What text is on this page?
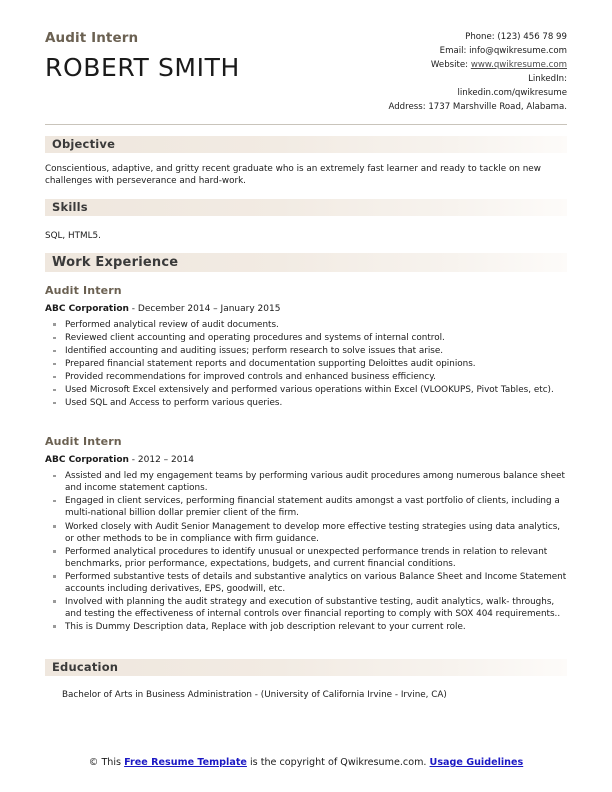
Audit Intern
ROBERT SMITH
Phone: (123) 456 78 99
Email: info@qwikresume.com
Website: www.qwikresume.com
LinkedIn:
linkedin.com/qwikresume
Address: 1737 Marshville Road, Alabama.
Objective
Conscientious, adaptive, and gritty recent graduate who is an extremely fast learner and ready to tackle on new challenges with perseverance and hard-work.
Skills
SQL, HTML5.
Work Experience
Audit Intern
ABC Corporation - December 2014 – January 2015
Performed analytical review of audit documents.
Reviewed client accounting and operating procedures and systems of internal control.
Identified accounting and auditing issues; perform research to solve issues that arise.
Prepared financial statement reports and documentation supporting Deloittes audit opinions.
Provided recommendations for improved controls and enhanced business efficiency.
Used Microsoft Excel extensively and performed various operations within Excel (VLOOKUPS, Pivot Tables, etc).
Used SQL and Access to perform various queries.
Audit Intern
ABC Corporation - 2012 – 2014
Assisted and led my engagement teams by performing various audit procedures among numerous balance sheet and income statement captions.
Engaged in client services, performing financial statement audits amongst a vast portfolio of clients, including a multi-national billion dollar premier client of the firm.
Worked closely with Audit Senior Management to develop more effective testing strategies using data analytics, or other methods to be in compliance with firm guidance.
Performed analytical procedures to identify unusual or unexpected performance trends in relation to relevant benchmarks, prior performance, expectations, budgets, and current financial conditions.
Performed substantive tests of details and substantive analytics on various Balance Sheet and Income Statement accounts including derivatives, EPS, goodwill, etc.
Involved with planning the audit strategy and execution of substantive testing, audit analytics, walk- throughs, and testing the effectiveness of internal controls over financial reporting to comply with SOX 404 requirements..
This is Dummy Description data, Replace with job description relevant to your current role.
Education
Bachelor of Arts in Business Administration - (University of California Irvine - Irvine, CA)
© This Free Resume Template is the copyright of Qwikresume.com. Usage Guidelines
